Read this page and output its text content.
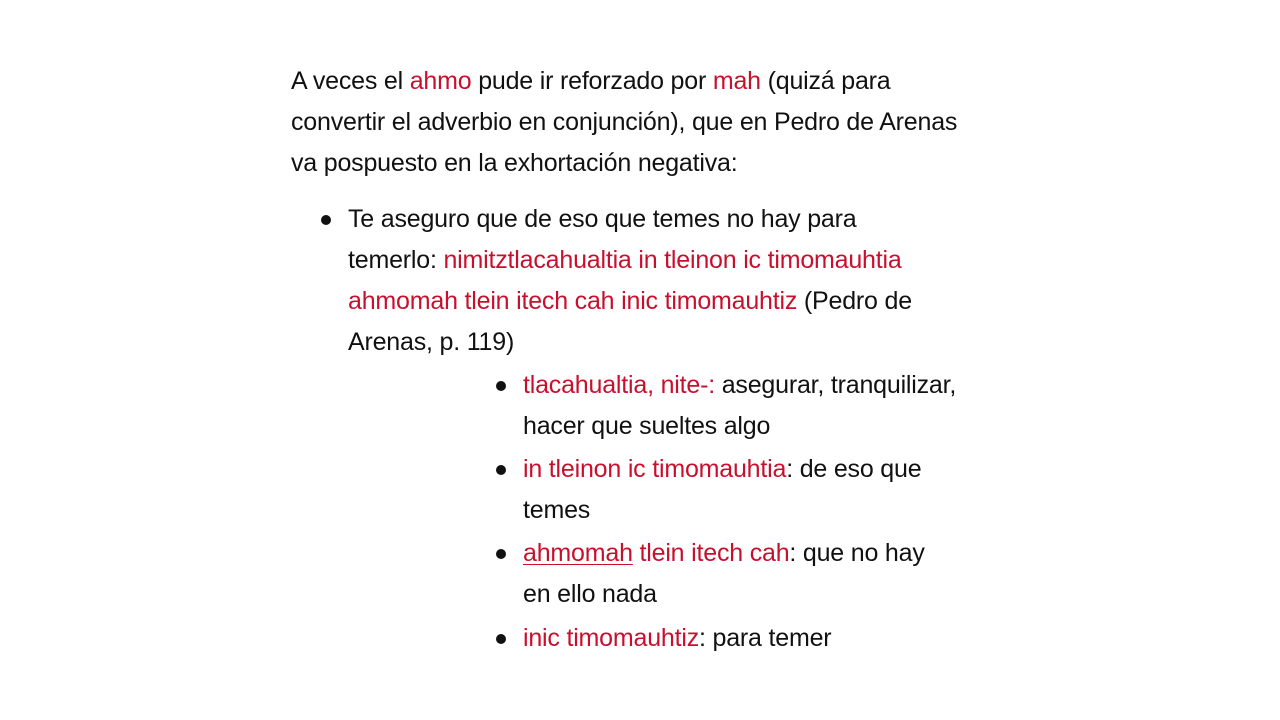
A veces el ahmo pude ir reforzado por mah (quizá para convertir el adverbio en conjunción), que en Pedro de Arenas va pospuesto en la exhortación negativa:

Te aseguro que de eso que temes no hay para temerlo: nimitztlacahualtia in tleinon ic timomauhtia ahmomah tlein itech cah inic timomauhtiz (Pedro de Arenas, p. 119)

tlacahualtia, nite-: asegurar, tranquilizar, hacer que sueltes algo

in tleinon ic timomauhtia: de eso que temes

ahmomah tlein itech cah: que no hay en ello nada

inic timomauhtiz: para temer
